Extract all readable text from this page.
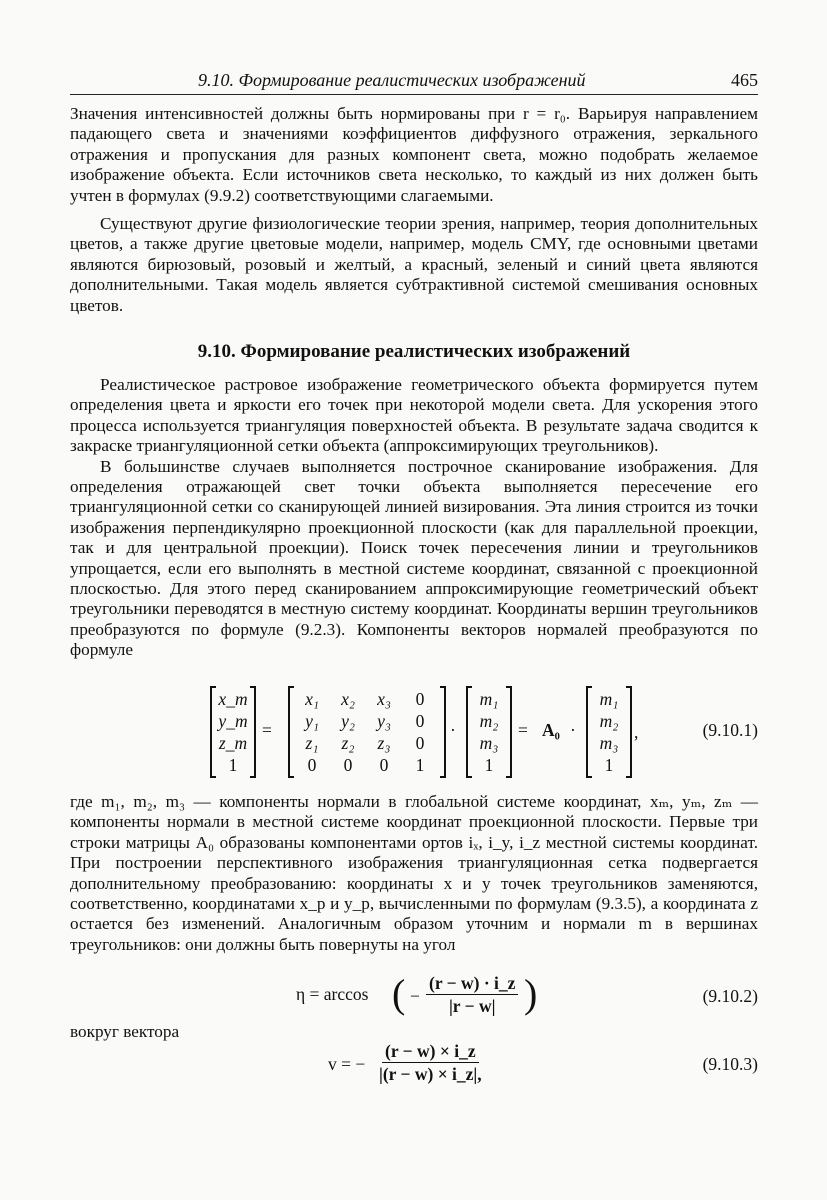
9.10. Формирование реалистических изображений	465

Значения интенсивностей должны быть нормированы при r = r₀. Варьируя направлением падающего света и значениями коэффициентов диффузного отражения, зеркального отражения и пропускания для разных компонент света, можно подобрать желаемое изображение объекта. Если источников света несколько, то каждый из них должен быть учтен в формулах (9.9.2) соответствующими слагаемыми.

Существуют другие физиологические теории зрения, например, теория дополнительных цветов, а также другие цветовые модели, например, модель CMY, где основными цветами являются бирюзовый, розовый и желтый, а красный, зеленый и синий цвета являются дополнительными. Такая модель является субтрактивной системой смешивания основных цветов.

9.10. Формирование реалистических изображений

Реалистическое растровое изображение геометрического объекта формируется путем определения цвета и яркости его точек при некоторой модели света. Для ускорения этого процесса используется триангуляция поверхностей объекта. В результате задача сводится к закраске триангуляционной сетки объекта (аппроксимирующих треугольников).

В большинстве случаев выполняется построчное сканирование изображения. Для определения отражающей свет точки объекта выполняется пересечение его триангуляционной сетки со сканирующей линией визирования. Эта линия строится из точки изображения перпендикулярно проекционной плоскости (как для параллельной проекции, так и для центральной проекции). Поиск точек пересечения линии и треугольников упрощается, если его выполнять в местной системе координат, связанной с проекционной плоскостью. Для этого перед сканированием аппроксимирующие геометрический объект треугольники переводятся в местную систему координат. Координаты вершин треугольников преобразуются по формуле (9.2.3). Компоненты векторов нормалей преобразуются по формуле

x_m
y_m
z_m
1
=
x₁	x₂	x₃	0
y₁	y₂	y₃	0
z₁	z₂	z₃	0
0	0	0	1
·
m₁
m₂
m₃
1
= A₀ ·
m₁
m₂
m₃
1
,	(9.10.1)

где m₁, m₂, m₃ — компоненты нормали в глобальной системе координат, xₘ, yₘ, zₘ — компоненты нормали в местной системе координат проекционной плоскости. Первые три строки матрицы A₀ образованы компонентами ортов iₓ, i_y, i_z местной системы координат. При построении перспективного изображения триангуляционная сетка подвергается дополнительному преобразованию: координаты x и y точек треугольников заменяются, соответственно, координатами x_p и y_p, вычисленными по формулам (9.3.5), а координата z остается без изменений. Аналогичным образом уточним и нормали m в вершинах треугольников: они должны быть повернуты на угол

η = arccos ( − $\frac{(r - w) \cdot i\_z}{|r - w|}$ )	(9.10.2)

вокруг вектора

v = − $\frac{(r - w) \times i\_z}{|(r - w) \times i\_z|,}$	(9.10.3)
